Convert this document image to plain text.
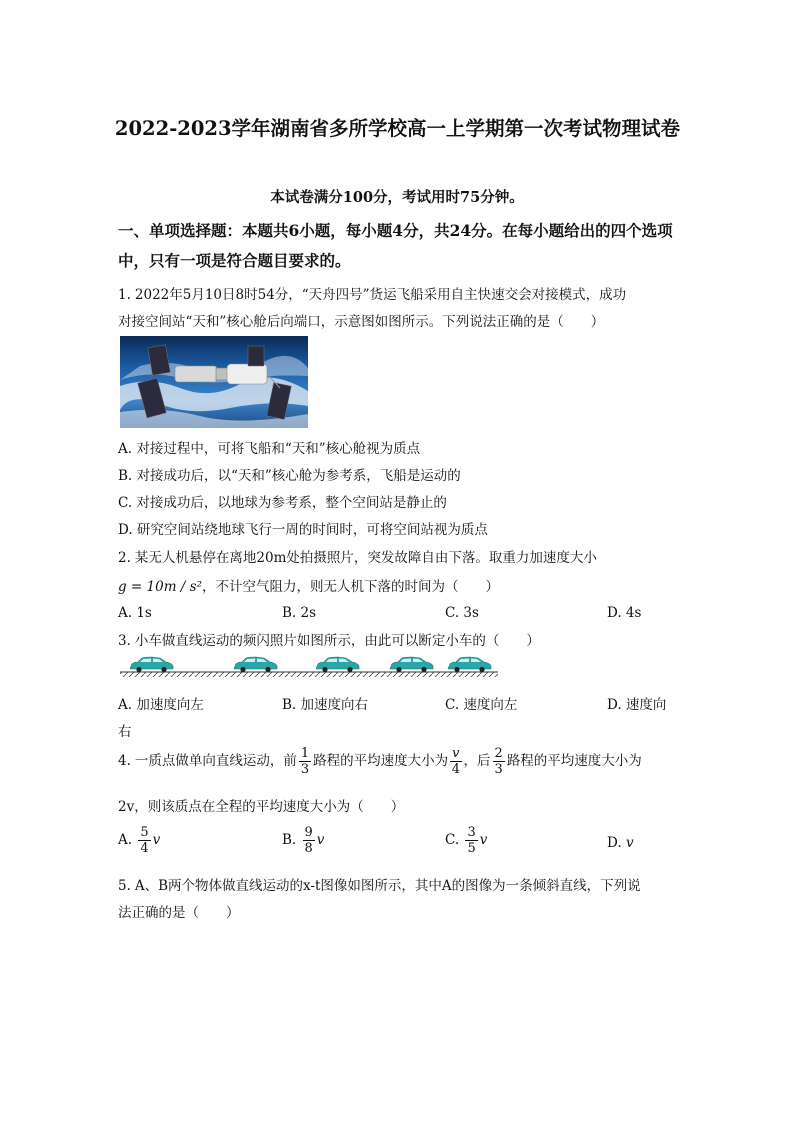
2022-2023学年湖南省多所学校高一上学期第一次考试物理试卷
本试卷满分100分，考试用时75分钟。
一、单项选择题：本题共6小题，每小题4分，共24分。在每小题给出的四个选项中，只有一项是符合题目要求的。
1. 2022年5月10日8时54分，“天舟四号”货运飞船采用自主快速交会对接模式，成功
对接空间站“天和”核心舱后向端口，示意图如图所示。下列说法正确的是（　　）
A. 对接过程中，可将飞船和“天和”核心舱视为质点
B. 对接成功后，以“天和”核心舱为参考系，飞船是运动的
C. 对接成功后，以地球为参考系，整个空间站是静止的
D. 研究空间站绕地球飞行一周的时间时，可将空间站视为质点
2. 某无人机悬停在离地20m处拍摄照片，突发故障自由下落。取重力加速度大小
g = 10m / s²，不计空气阻力，则无人机下落的时间为（　　）
A. 1s	B. 2s	C. 3s	D. 4s
3. 小车做直线运动的频闪照片如图所示，由此可以断定小车的（　　）
A. 加速度向左	B. 加速度向右	C. 速度向左	D. 速度向
右
4. 一质点做单向直线运动，前 $\frac{1}{3}$ 路程的平均速度大小为 $\frac{v}{4}$ ，后 $\frac{2}{3}$ 路程的平均速度大小为
2v，则该质点在全程的平均速度大小为（　　）
A. $\frac{5}{4}$ v	B. $\frac{9}{8}$ v	C. $\frac{3}{5}$ v	D. v
5. A、B两个物体做直线运动的x-t图像如图所示，其中A的图像为一条倾斜直线，下列说
法正确的是（　　）
